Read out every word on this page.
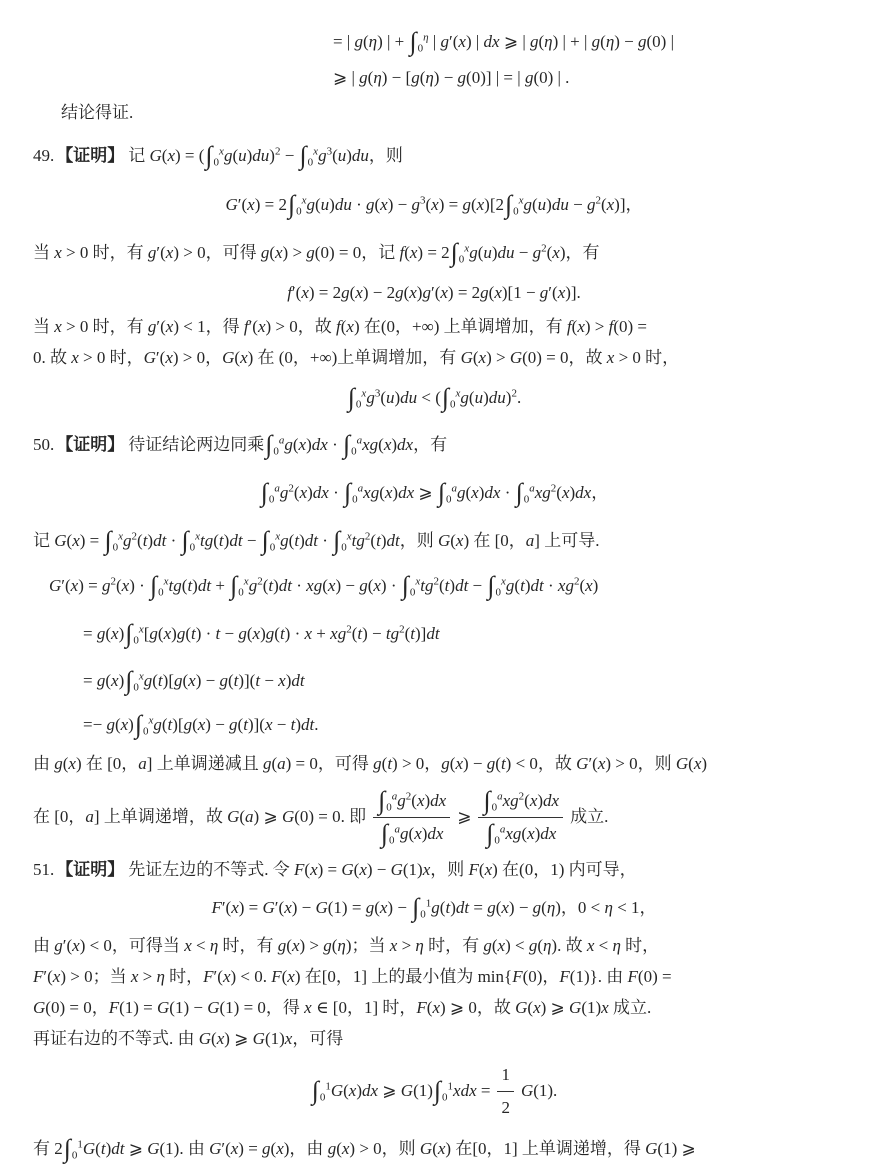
= | g(η) | + $\int_0^\eta$ | g′(x) | dx ⩾ | g(η) | + | g(η) − g(0) |
⩾ | g(η) − [g(η) − g(0)] | = | g(0) | .
结论得证.
49. 【证明】 记 $G(x) = (\int_0^xg(u)du)^2 - \int_0^xg^3(u)du$，则
$G'(x) = 2\int_0^xg(u)du \cdot g(x) - g^3(x) = g(x)[2\int_0^xg(u)du - g^2(x)]$，
当 x > 0 时，有 g′(x) > 0，可得 g(x) > g(0) = 0，记 $f(x) = 2\int_0^xg(u)du - g^2(x)$，有
f′(x) = 2g(x) − 2g(x)g′(x) = 2g(x)[1 − g′(x)].
当 x > 0 时，有 g′(x) < 1，得 f′(x) > 0，故 f(x) 在(0，+∞) 上单调增加，有 f(x) > f(0) =
0. 故 x > 0 时，G′(x) > 0，G(x) 在 (0，+∞)上单调增加，有 G(x) > G(0) = 0，故 x > 0 时，
$\int_0^xg^3(u)du < (\int_0^xg(u)du)^2$.
50. 【证明】 待证结论两边同乘$\int_0^ag(x)dx \cdot \int_0^axg(x)dx$，有
$\int_0^ag^2(x)dx \cdot \int_0^axg(x)dx$ ⩾ $\int_0^ag(x)dx \cdot \int_0^axg^2(x)dx$，
记 $G(x) = \int_0^xg^2(t)dt \cdot \int_0^xtg(t)dt - \int_0^xg(t)dt \cdot \int_0^xtg^2(t)dt$，则 G(x) 在 [0，a] 上可导.
$G'(x) = g^2(x) \cdot \int_0^xtg(t)dt + \int_0^xg^2(t)dt \cdot xg(x) - g(x) \cdot \int_0^xtg^2(t)dt - \int_0^xg(t)dt \cdot xg^2(x)$
= $g(x)\int_0^x[g(x)g(t) \cdot t - g(x)g(t) \cdot x + xg^2(t) - tg^2(t)]dt$
= $g(x)\int_0^xg(t)[g(x) - g(t)](t - x)dt$
=− $g(x)\int_0^xg(t)[g(x) - g(t)](x - t)dt$.
由 g(x) 在 [0，a] 上单调递减且 g(a) = 0，可得 g(t) > 0，g(x) − g(t) < 0，故 G′(x) > 0，则 G(x)
在 [0，a] 上单调递增，故 G(a) ⩾ G(0) = 0. 即 $\frac{\int_0^ag^2(x)dx}{\int_0^ag(x)dx}$ ⩾ $\frac{\int_0^axg^2(x)dx}{\int_0^axg(x)dx}$ 成立.
51. 【证明】 先证左边的不等式. 令 F(x) = G(x) − G(1)x，则 F(x) 在(0，1) 内可导，
$F'(x) = G'(x) - G(1) = g(x) - \int_0^1g(t)dt = g(x) - g(\eta)$，0 < η < 1，
由 g′(x) < 0，可得当 x < η 时，有 g(x) > g(η)；当 x > η 时，有 g(x) < g(η). 故 x < η 时，
F′(x) > 0；当 x > η 时，F′(x) < 0. F(x) 在[0，1] 上的最小值为 min{F(0)，F(1)}. 由 F(0) =
G(0) = 0，F(1) = G(1) − G(1) = 0，得 x ∈ [0，1] 时，F(x) ⩾ 0，故 G(x) ⩾ G(1)x 成立.
再证右边的不等式. 由 G(x) ⩾ G(1)x，可得
$\int_0^1G(x)dx$ ⩾ $G(1)\int_0^1xdx = \frac{1}{2} G(1)$.
有 $2\int_0^1G(t)dt$ ⩾ G(1). 由 G′(x) = g(x)，由 g(x) > 0，则 G(x) 在[0，1] 上单调递增，得 G(1) ⩾
